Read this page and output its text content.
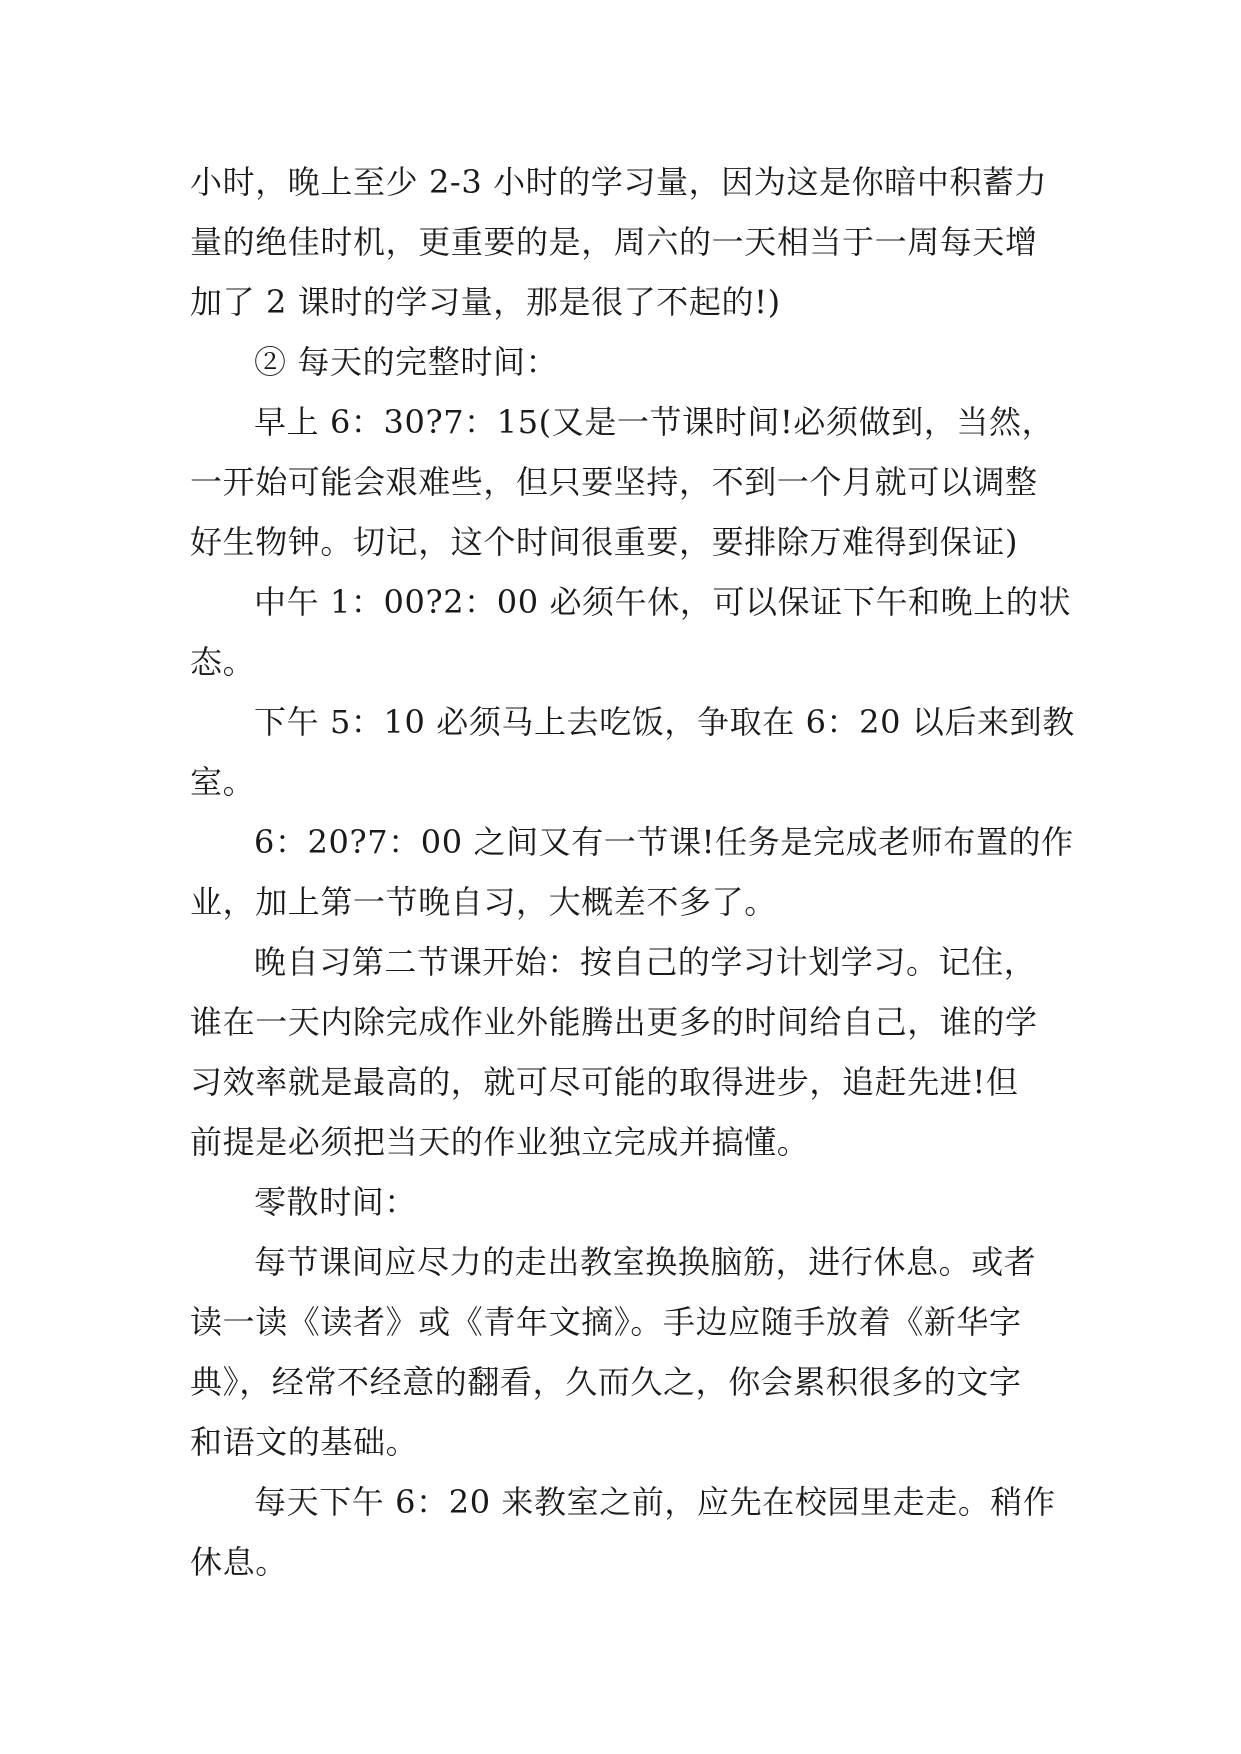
小时，晚上至少 2-3 小时的学习量，因为这是你暗中积蓄力
量的绝佳时机，更重要的是，周六的一天相当于一周每天增
加了 2 课时的学习量，那是很了不起的!)
② 每天的完整时间：
早上 6：30?7：15(又是一节课时间!必须做到，当然，
一开始可能会艰难些，但只要坚持，不到一个月就可以调整
好生物钟。切记，这个时间很重要，要排除万难得到保证)
中午 1：00?2：00 必须午休，可以保证下午和晚上的状
态。
下午 5：10 必须马上去吃饭，争取在 6：20 以后来到教
室。
6：20?7：00 之间又有一节课!任务是完成老师布置的作
业，加上第一节晚自习，大概差不多了。
晚自习第二节课开始：按自己的学习计划学习。记住，
谁在一天内除完成作业外能腾出更多的时间给自己，谁的学
习效率就是最高的，就可尽可能的取得进步，追赶先进!但
前提是必须把当天的作业独立完成并搞懂。
零散时间：
每节课间应尽力的走出教室换换脑筋，进行休息。或者
读一读《读者》或《青年文摘》。手边应随手放着《新华字
典》，经常不经意的翻看，久而久之，你会累积很多的文字
和语文的基础。
每天下午 6：20 来教室之前，应先在校园里走走。稍作
休息。
